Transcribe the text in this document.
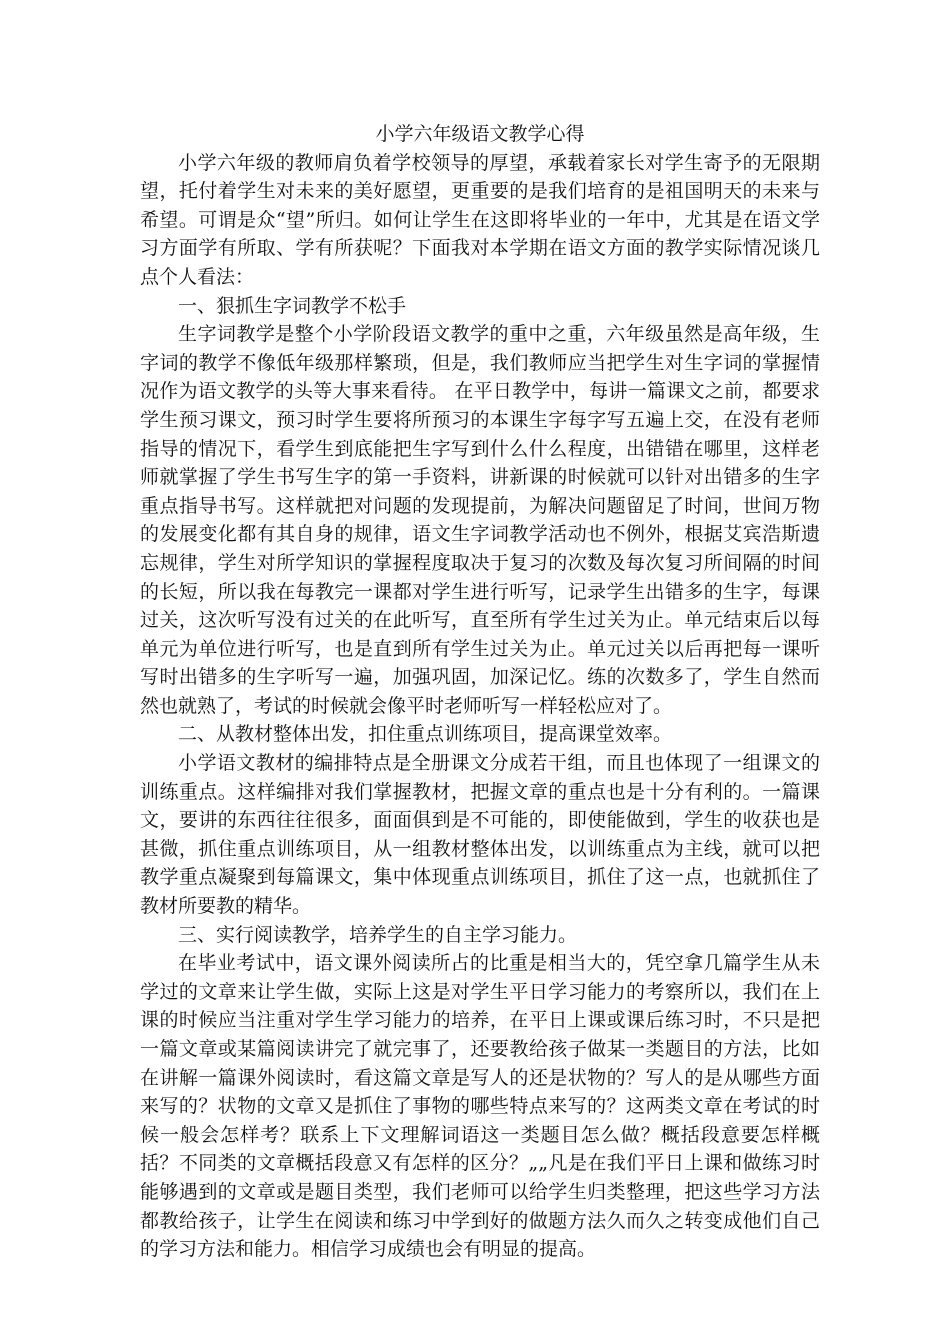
小学六年级语文教学心得

小学六年级的教师肩负着学校领导的厚望，承载着家长对学生寄予的无限期望，托付着学生对未来的美好愿望，更重要的是我们培育的是祖国明天的未来与希望。可谓是众“望”所归。如何让学生在这即将毕业的一年中，尤其是在语文学习方面学有所取、学有所获呢？下面我对本学期在语文方面的教学实际情况谈几点个人看法：

一、狠抓生字词教学不松手

生字词教学是整个小学阶段语文教学的重中之重，六年级虽然是高年级，生字词的教学不像低年级那样繁琐，但是，我们教师应当把学生对生字词的掌握情况作为语文教学的头等大事来看待。 在平日教学中，每讲一篇课文之前，都要求学生预习课文，预习时学生要将所预习的本课生字每字写五遍上交，在没有老师指导的情况下，看学生到底能把生字写到什么什么程度，出错错在哪里，这样老师就掌握了学生书写生字的第一手资料，讲新课的时候就可以针对出错多的生字重点指导书写。这样就把对问题的发现提前，为解决问题留足了时间，世间万物的发展变化都有其自身的规律，语文生字词教学活动也不例外，根据艾宾浩斯遗忘规律，学生对所学知识的掌握程度取决于复习的次数及每次复习所间隔的时间的长短，所以我在每教完一课都对学生进行听写，记录学生出错多的生字，每课过关，这次听写没有过关的在此听写，直至所有学生过关为止。单元结束后以每单元为单位进行听写，也是直到所有学生过关为止。单元过关以后再把每一课听写时出错多的生字听写一遍，加强巩固，加深记忆。练的次数多了，学生自然而然也就熟了，考试的时候就会像平时老师听写一样轻松应对了。

二、从教材整体出发，扣住重点训练项目，提高课堂效率。

小学语文教材的编排特点是全册课文分成若干组，而且也体现了一组课文的训练重点。这样编排对我们掌握教材，把握文章的重点也是十分有利的。一篇课文，要讲的东西往往很多，面面俱到是不可能的，即使能做到，学生的收获也是甚微，抓住重点训练项目，从一组教材整体出发，以训练重点为主线，就可以把教学重点凝聚到每篇课文，集中体现重点训练项目，抓住了这一点，也就抓住了教材所要教的精华。

三、实行阅读教学，培养学生的自主学习能力。

在毕业考试中，语文课外阅读所占的比重是相当大的，凭空拿几篇学生从未学过的文章来让学生做，实际上这是对学生平日学习能力的考察所以，我们在上课的时候应当注重对学生学习能力的培养，在平日上课或课后练习时，不只是把一篇文章或某篇阅读讲完了就完事了，还要教给孩子做某一类题目的方法，比如在讲解一篇课外阅读时，看这篇文章是写人的还是状物的？写人的是从哪些方面来写的？状物的文章又是抓住了事物的哪些特点来写的？这两类文章在考试的时候一般会怎样考？联系上下文理解词语这一类题目怎么做？概括段意要怎样概括？不同类的文章概括段意又有怎样的区分？„„凡是在我们平日上课和做练习时能够遇到的文章或是题目类型，我们老师可以给学生归类整理，把这些学习方法都教给孩子，让学生在阅读和练习中学到好的做题方法久而久之转变成他们自己的学习方法和能力。相信学习成绩也会有明显的提高。
